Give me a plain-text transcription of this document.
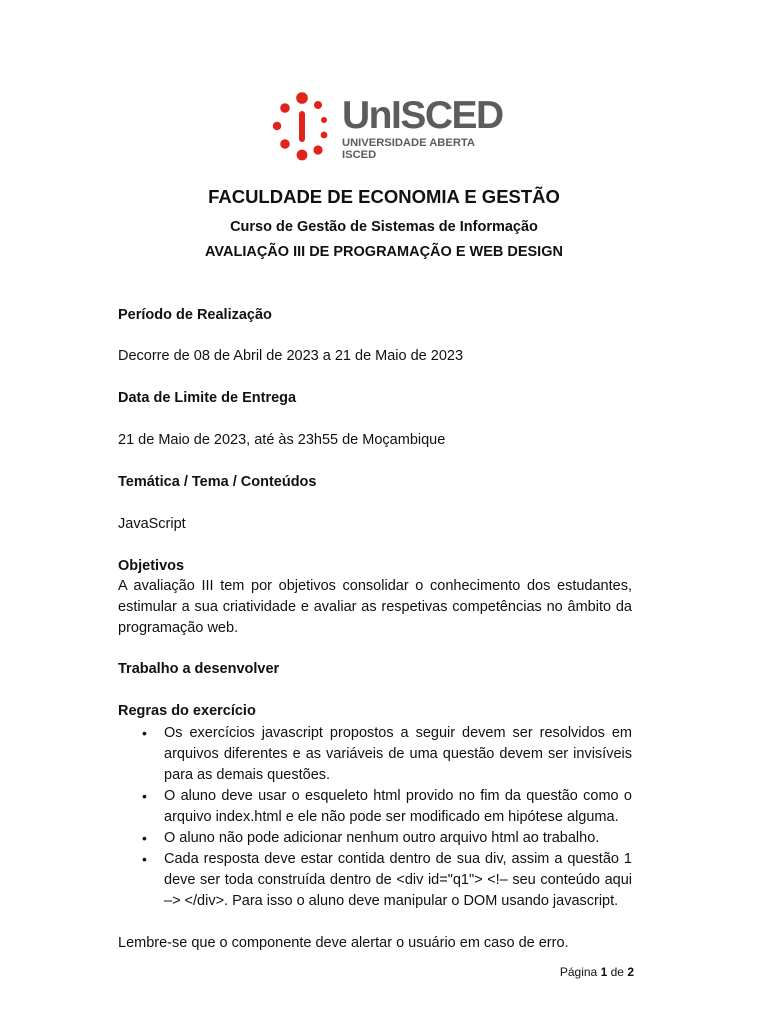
UnISCED
UNIVERSIDADE ABERTA ISCED
FACULDADE DE ECONOMIA E GESTÃO
Curso de Gestão de Sistemas de Informação
AVALIAÇÃO III DE PROGRAMAÇÃO E WEB DESIGN
Período de Realização
Decorre de 08 de Abril de 2023 a 21 de Maio de 2023
Data de Limite de Entrega
21 de Maio de 2023, até às 23h55 de Moçambique
Temática / Tema / Conteúdos
JavaScript
Objetivos
A avaliação III tem por objetivos consolidar o conhecimento dos estudantes, estimular a sua criatividade e avaliar as respetivas competências no âmbito da programação web.
Trabalho a desenvolver
Regras do exercício
• Os exercícios javascript propostos a seguir devem ser resolvidos em arquivos diferentes e as variáveis de uma questão devem ser invisíveis para as demais questões.
• O aluno deve usar o esqueleto html provido no fim da questão como o arquivo index.html e ele não pode ser modificado em hipótese alguma.
• O aluno não pode adicionar nenhum outro arquivo html ao trabalho.
• Cada resposta deve estar contida dentro de sua div, assim a questão 1 deve ser toda construída dentro de <div id="q1"> <!– seu conteúdo aqui –> </div>. Para isso o aluno deve manipular o DOM usando javascript.
Lembre-se que o componente deve alertar o usuário em caso de erro.
Página 1 de 2
